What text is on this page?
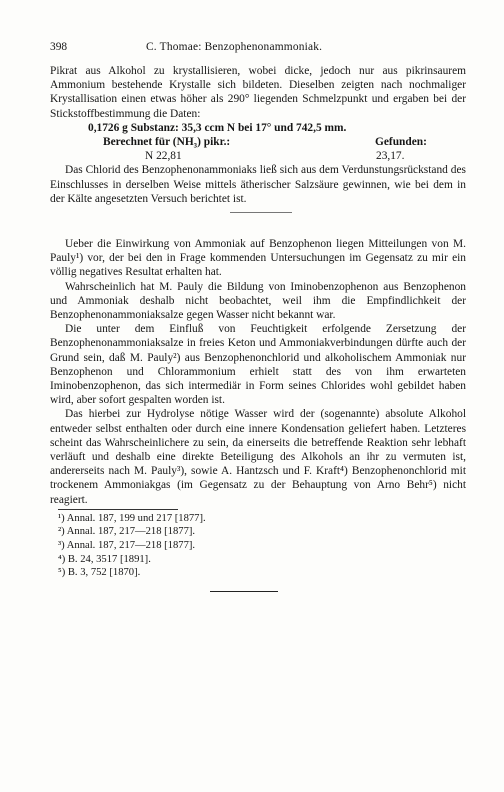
398	C. Thomae: Benzophenonammoniak.

Pikrat aus Alkohol zu krystallisieren, wobei dicke, jedoch nur aus pikrinsaurem Ammonium bestehende Krystalle sich bildeten. Dieselben zeigten nach nochmaliger Krystallisation einen etwas höher als 290° liegenden Schmelzpunkt und ergaben bei der Stickstoffbestimmung die Daten:

0,1726 g Substanz: 35,3 ccm N bei 17° und 742,5 mm.
Berechnet für (NH₃) pikr.:	Gefunden:
N 22,81	23,17.

Das Chlorid des Benzophenonammoniaks ließ sich aus dem Verdunstungsrückstand des Einschlusses in derselben Weise mittels ätherischer Salzsäure gewinnen, wie bei dem in der Kälte angesetzten Versuch berichtet ist.

Ueber die Einwirkung von Ammoniak auf Benzophenon liegen Mitteilungen von M. Pauly¹) vor, der bei den in Frage kommenden Untersuchungen im Gegensatz zu mir ein völlig negatives Resultat erhalten hat.

Wahrscheinlich hat M. Pauly die Bildung von Iminobenzophenon aus Benzophenon und Ammoniak deshalb nicht beobachtet, weil ihm die Empfindlichkeit der Benzophenonammoniaksalze gegen Wasser nicht bekannt war.

Die unter dem Einfluß von Feuchtigkeit erfolgende Zersetzung der Benzophenonammoniaksalze in freies Keton und Ammoniakverbindungen dürfte auch der Grund sein, daß M. Pauly²) aus Benzophenonchlorid und alkoholischem Ammoniak nur Benzophenon und Chlorammonium erhielt statt des von ihm erwarteten Iminobenzophenon, das sich intermediär in Form seines Chlorides wohl gebildet haben wird, aber sofort gespalten worden ist.

Das hierbei zur Hydrolyse nötige Wasser wird der (sogenannte) absolute Alkohol entweder selbst enthalten oder durch eine innere Kondensation geliefert haben. Letzteres scheint das Wahrscheinlichere zu sein, da einerseits die betreffende Reaktion sehr lebhaft verläuft und deshalb eine direkte Beteiligung des Alkohols an ihr zu vermuten ist, andererseits nach M. Pauly³), sowie A. Hantzsch und F. Kraft⁴) Benzophenonchlorid mit trockenem Ammoniakgas (im Gegensatz zu der Behauptung von Arno Behr⁵) nicht reagiert.

¹) Annal. 187, 199 und 217 [1877].
²) Annal. 187, 217—218 [1877].
³) Annal. 187, 217—218 [1877].
⁴) B. 24, 3517 [1891].
⁵) B. 3, 752 [1870].
